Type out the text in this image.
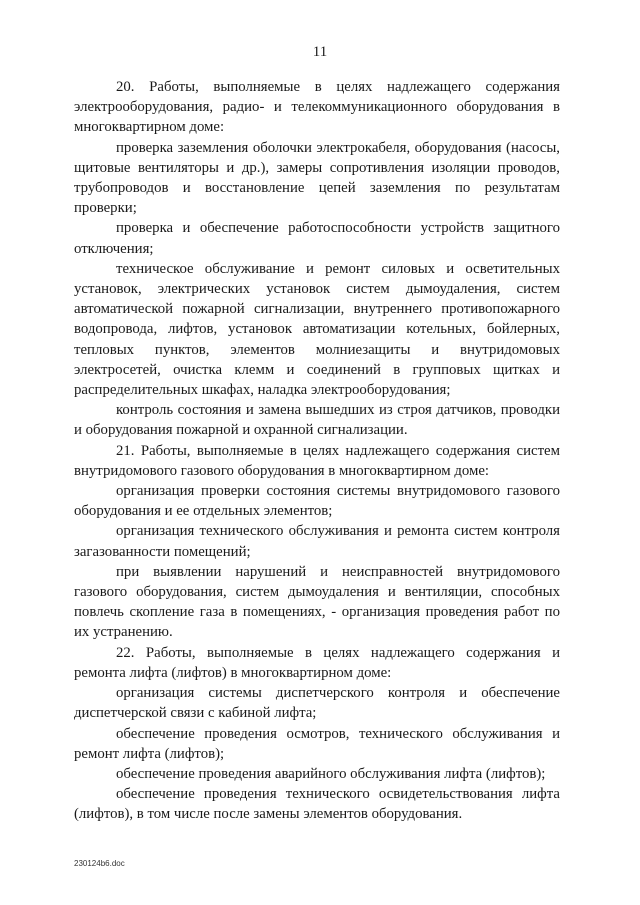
11

20. Работы, выполняемые в целях надлежащего содержания электрооборудования, радио- и телекоммуникационного оборудования в многоквартирном доме:

проверка заземления оболочки электрокабеля, оборудования (насосы, щитовые вентиляторы и др.), замеры сопротивления изоляции проводов, трубопроводов и восстановление цепей заземления по результатам проверки;

проверка и обеспечение работоспособности устройств защитного отключения;

техническое обслуживание и ремонт силовых и осветительных установок, электрических установок систем дымоудаления, систем автоматической пожарной сигнализации, внутреннего противопожарного водопровода, лифтов, установок автоматизации котельных, бойлерных, тепловых пунктов, элементов молниезащиты и внутридомовых электросетей, очистка клемм и соединений в групповых щитках и распределительных шкафах, наладка электрооборудования;

контроль состояния и замена вышедших из строя датчиков, проводки и оборудования пожарной и охранной сигнализации.

21. Работы, выполняемые в целях надлежащего содержания систем внутридомового газового оборудования в многоквартирном доме:

организация проверки состояния системы внутридомового газового оборудования и ее отдельных элементов;

организация технического обслуживания и ремонта систем контроля загазованности помещений;

при выявлении нарушений и неисправностей внутридомового газового оборудования, систем дымоудаления и вентиляции, способных повлечь скопление газа в помещениях, - организация проведения работ по их устранению.

22. Работы, выполняемые в целях надлежащего содержания и ремонта лифта (лифтов) в многоквартирном доме:

организация системы диспетчерского контроля и обеспечение диспетчерской связи с кабиной лифта;

обеспечение проведения осмотров, технического обслуживания и ремонт лифта (лифтов);

обеспечение проведения аварийного обслуживания лифта (лифтов);

обеспечение проведения технического освидетельствования лифта (лифтов), в том числе после замены элементов оборудования.

230124b6.doc
